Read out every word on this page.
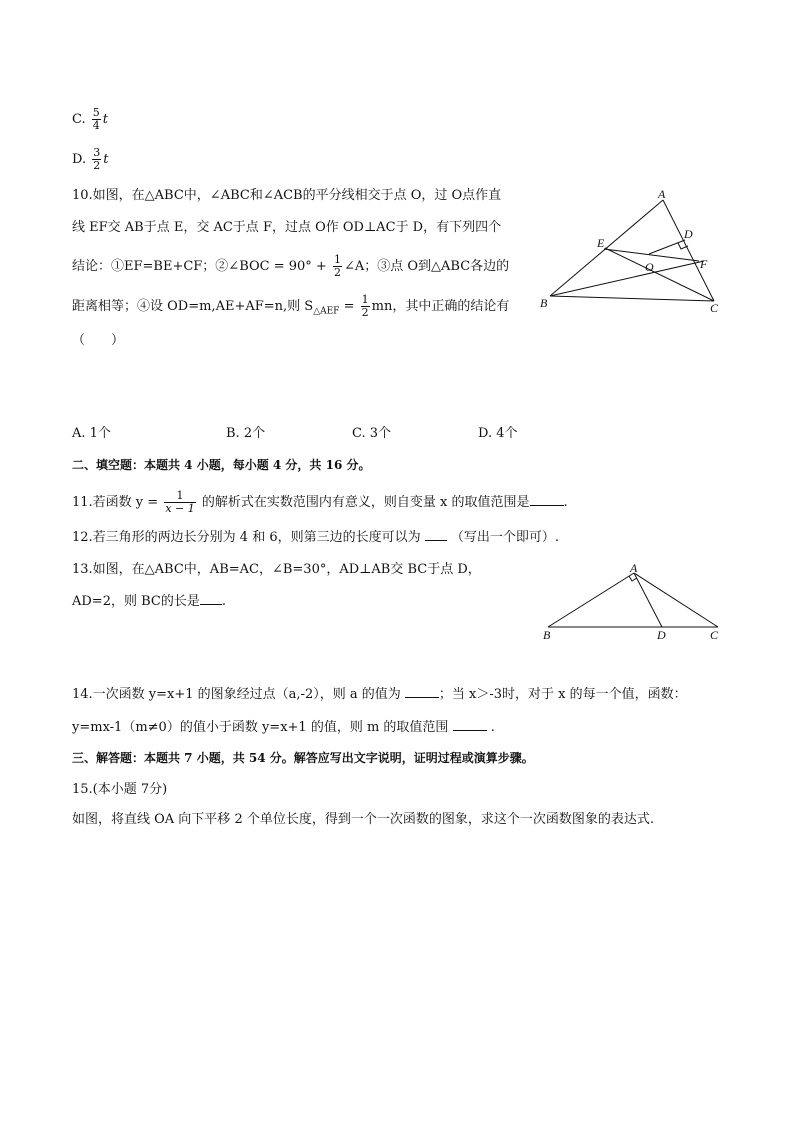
C. $\frac{5}{4}$ t
D. $\frac{3}{2}$ t
10.如图，在△ABC中，∠ABC和∠ACB的平分线相交于点 O，过 O点作直
线 EF交 AB于点 E，交 AC于点 F，过点 O作 OD⊥AC于 D，有下列四个
结论：①EF=BE+CF；②∠BOC = $90^\circ + \frac{1}{2}$ ∠A；③点 O到△ABC各边的
距离相等；④设 OD=m,AE+AF=n,则 $S_{\triangle AEF} = \frac{1}{2}$ mn，其中正确的结论有
（　　）
A
B	C
D
E
F
O
A. 1个	B. 2个	C. 3个	D. 4个
二、填空题：本题共 4 小题，每小题 4 分，共 16 分。
11.若函数 $y = \frac{1}{x - 1}$ 的解析式在实数范围内有意义，则自变量 x 的取值范围是	.
12.若三角形的两边长分别为 4 和 6，则第三边的长度可以为 （写出一个即可）.
13.如图，在△ABC中，AB=AC，∠B=30°，AD⊥AB交 BC于点 D，
AD=2，则 BC的长是 .
A
B	D	C
14.一次函数 y=x+1 的图象经过点（a,-2），则 a 的值为	；当 x＞-3时，对于 x 的每一个值，函数：
y=mx-1（m≠0）的值小于函数 y=x+1 的值，则 m 的取值范围	.
三、解答题：本题共 7 小题，共 54 分。解答应写出文字说明，证明过程或演算步骤。
15.(本小题 7分)
如图，将直线 OA 向下平移 2 个单位长度，得到一个一次函数的图象，求这个一次函数图象的表达式.
